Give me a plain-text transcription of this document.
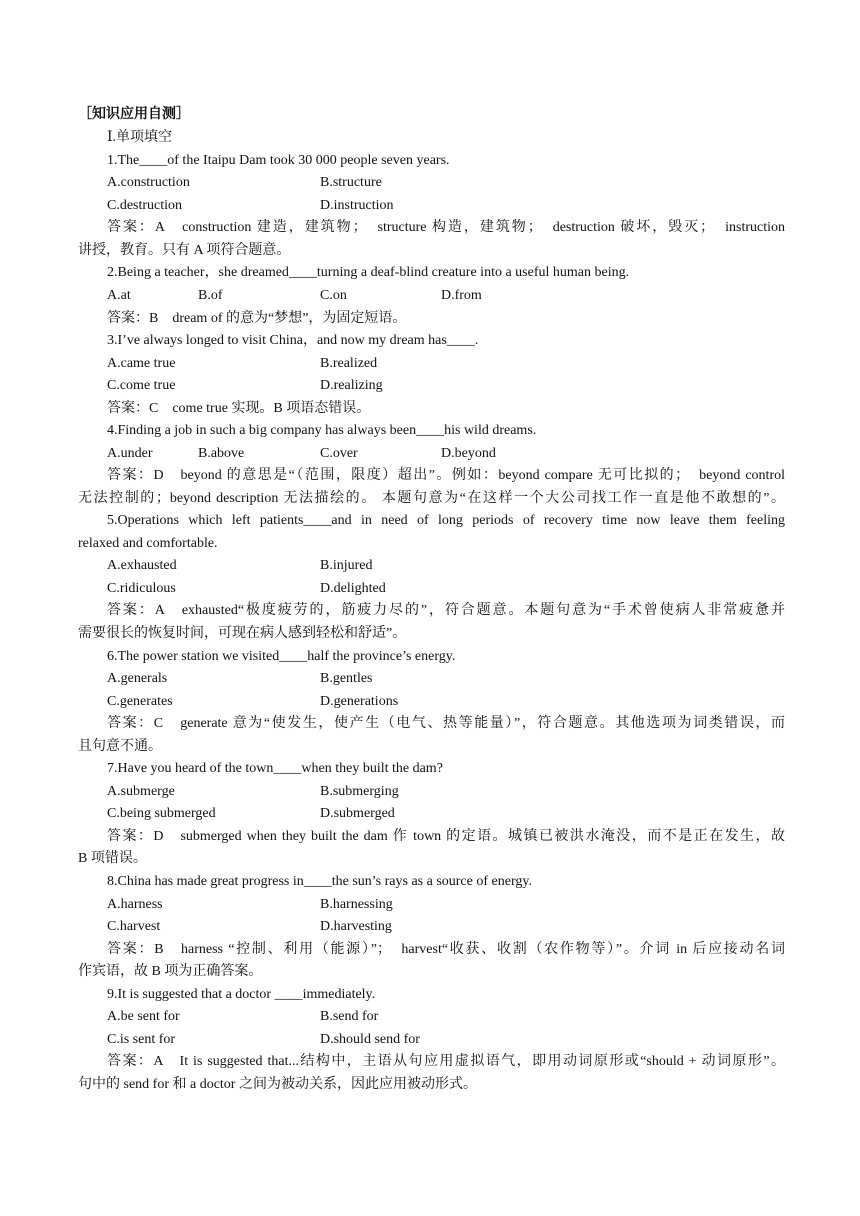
［知识应用自测］
Ⅰ.单项填空
1.The____of the Itaipu Dam took 30 000 people seven years.
A.construction	B.structure
C.destruction	D.instruction
答案：A　construction 建造，建筑物；　structure 构造，建筑物；　destruction 破坏，毁灭；　instruction
讲授，教育。只有 A 项符合题意。
2.Being a teacher，she dreamed____turning a deaf-blind creature into a useful human being.
A.at	B.of	C.on	D.from
答案：B　dream of 的意为“梦想”，为固定短语。
3.I’ve always longed to visit China，and now my dream has____.
A.came true	B.realized
C.come true	D.realizing
答案：C　come true 实现。B 项语态错误。
4.Finding a job in such a big company has always been____his wild dreams.
A.under	B.above	C.over	D.beyond
答案：D　beyond 的意思是“（范围，限度）超出”。例如：beyond compare 无可比拟的；　beyond control
无法控制的；beyond description 无法描绘的。 本题句意为“在这样一个大公司找工作一直是他不敢想的”。
5.Operations which left patients____and in need of long periods of recovery time now leave them feeling
relaxed and comfortable.
A.exhausted	B.injured
C.ridiculous	D.delighted
答案：A　exhausted“极度疲劳的，筋疲力尽的”，符合题意。本题句意为“手术曾使病人非常疲惫并
需要很长的恢复时间，可现在病人感到轻松和舒适”。
6.The power station we visited____half the province’s energy.
A.generals	B.gentles
C.generates	D.generations
答案：C　generate 意为“使发生，使产生（电气、热等能量）”，符合题意。其他选项为词类错误，而
且句意不通。
7.Have you heard of the town____when they built the dam?
A.submerge	B.submerging
C.being submerged	D.submerged
答案：D　submerged when they built the dam 作 town 的定语。城镇已被洪水淹没，而不是正在发生，故
B 项错误。
8.China has made great progress in____the sun’s rays as a source of energy.
A.harness	B.harnessing
C.harvest	D.harvesting
答案：B　harness “控制、利用（能源）”；　harvest“收获、收割（农作物等）”。介词 in 后应接动名词
作宾语，故 B 项为正确答案。
9.It is suggested that a doctor ____immediately.
A.be sent for	B.send for
C.is sent for	D.should send for
答案：A　It is suggested that...结构中，主语从句应用虚拟语气，即用动词原形或“should + 动词原形”。
句中的 send for 和 a doctor 之间为被动关系，因此应用被动形式。
